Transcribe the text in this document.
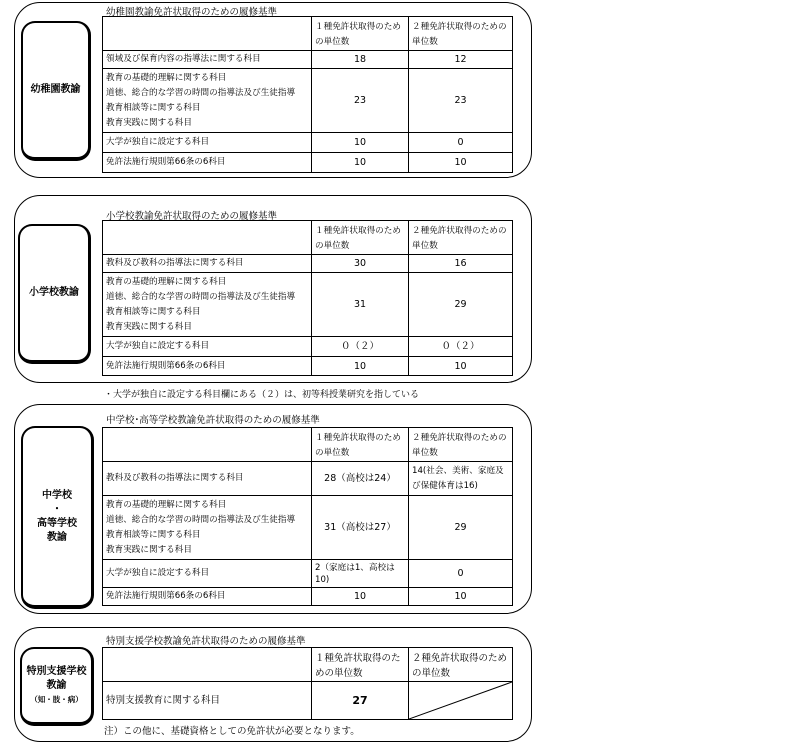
幼稚園教諭
幼稚園教諭免許状取得のための履修基準
	１種免許状取得のための単位数	２種免許状取得のための単位数
領域及び保育内容の指導法に関する科目	18	12

教育の基礎的理解に関する科目
道徳、総合的な学習の時間の指導法及び生徒指導
教育相談等に関する科目
教育実践に関する科目	23	23
大学が独自に設定する科目	10	0
免許法施行規則第66条の6科目	10	10
小学校教諭
小学校教諭免許状取得のための履修基準
	１種免許状取得のための単位数	２種免許状取得のための単位数
教科及び教科の指導法に関する科目	30	16

教育の基礎的理解に関する科目
道徳、総合的な学習の時間の指導法及び生徒指導
教育相談等に関する科目
教育実践に関する科目	31	29
大学が独自に設定する科目	０（２）	０（２）
免許法施行規則第66条の6科目	10	10
・大学が独自に設定する科目欄にある（２）は、初等科授業研究を指している
中学校
・
高等学校
教諭
中学校･高等学校教諭免許状取得のための履修基準
	１種免許状取得のための単位数	２種免許状取得のための単位数
教科及び教科の指導法に関する科目	28（高校は24）	14(社会、美術、家庭及び保健体育は16)

教育の基礎的理解に関する科目
道徳、総合的な学習の時間の指導法及び生徒指導
教育相談等に関する科目
教育実践に関する科目	31（高校は27）	29
大学が独自に設定する科目	2（家庭は1、高校は10)	0
免許法施行規則第66条の6科目	10	10
特別支援学校
教諭
（知・肢・病）
特別支援学校教諭免許状取得のための履修基準
	１種免許状取得のための単位数	２種免許状取得のための単位数
特別支援教育に関する科目	27	
注）この他に、基礎資格としての免許状が必要となります。
